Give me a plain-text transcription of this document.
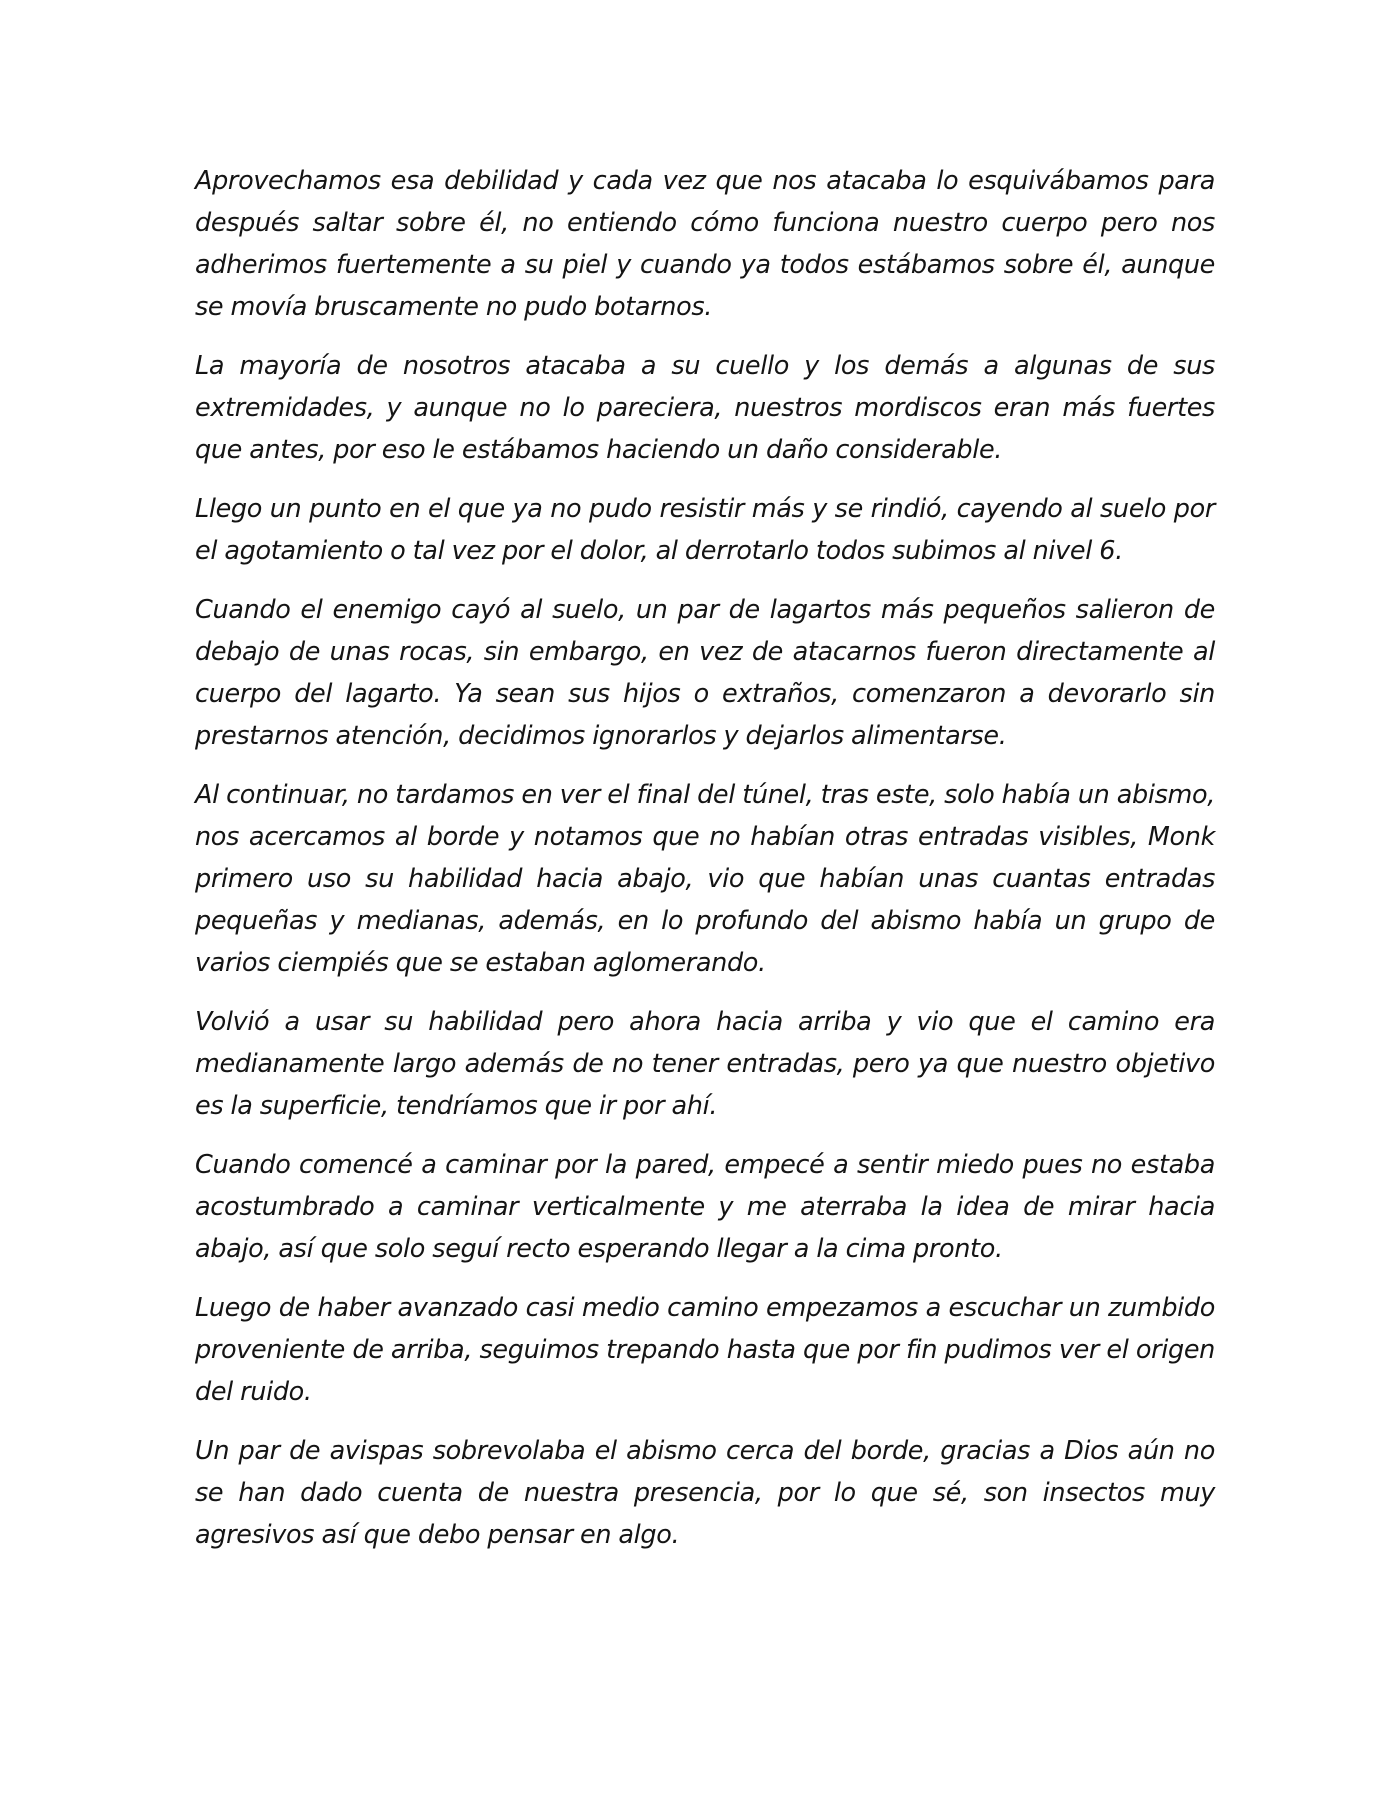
Aprovechamos esa debilidad y cada vez que nos atacaba lo esquivábamos para después saltar sobre él, no entiendo cómo funciona nuestro cuerpo pero nos adherimos fuertemente a su piel y cuando ya todos estábamos sobre él, aunque se movía bruscamente no pudo botarnos.

La mayoría de nosotros atacaba a su cuello y los demás a algunas de sus extremidades, y aunque no lo pareciera, nuestros mordiscos eran más fuertes que antes, por eso le estábamos haciendo un daño considerable.

Llego un punto en el que ya no pudo resistir más y se rindió, cayendo al suelo por el agotamiento o tal vez por el dolor, al derrotarlo todos subimos al nivel 6.

Cuando el enemigo cayó al suelo, un par de lagartos más pequeños salieron de debajo de unas rocas, sin embargo, en vez de atacarnos fueron directamente al cuerpo del lagarto. Ya sean sus hijos o extraños, comenzaron a devorarlo sin prestarnos atención, decidimos ignorarlos y dejarlos alimentarse.

Al continuar, no tardamos en ver el final del túnel, tras este, solo había un abismo, nos acercamos al borde y notamos que no habían otras entradas visibles, Monk primero uso su habilidad hacia abajo, vio que habían unas cuantas entradas pequeñas y medianas, además, en lo profundo del abismo había un grupo de varios ciempiés que se estaban aglomerando.

Volvió a usar su habilidad pero ahora hacia arriba y vio que el camino era medianamente largo además de no tener entradas, pero ya que nuestro objetivo es la superficie, tendríamos que ir por ahí.

Cuando comencé a caminar por la pared, empecé a sentir miedo pues no estaba acostumbrado a caminar verticalmente y me aterraba la idea de mirar hacia abajo, así que solo seguí recto esperando llegar a la cima pronto.

Luego de haber avanzado casi medio camino empezamos a escuchar un zumbido proveniente de arriba, seguimos trepando hasta que por fin pudimos ver el origen del ruido.

Un par de avispas sobrevolaba el abismo cerca del borde, gracias a Dios aún no se han dado cuenta de nuestra presencia, por lo que sé, son insectos muy agresivos así que debo pensar en algo.
